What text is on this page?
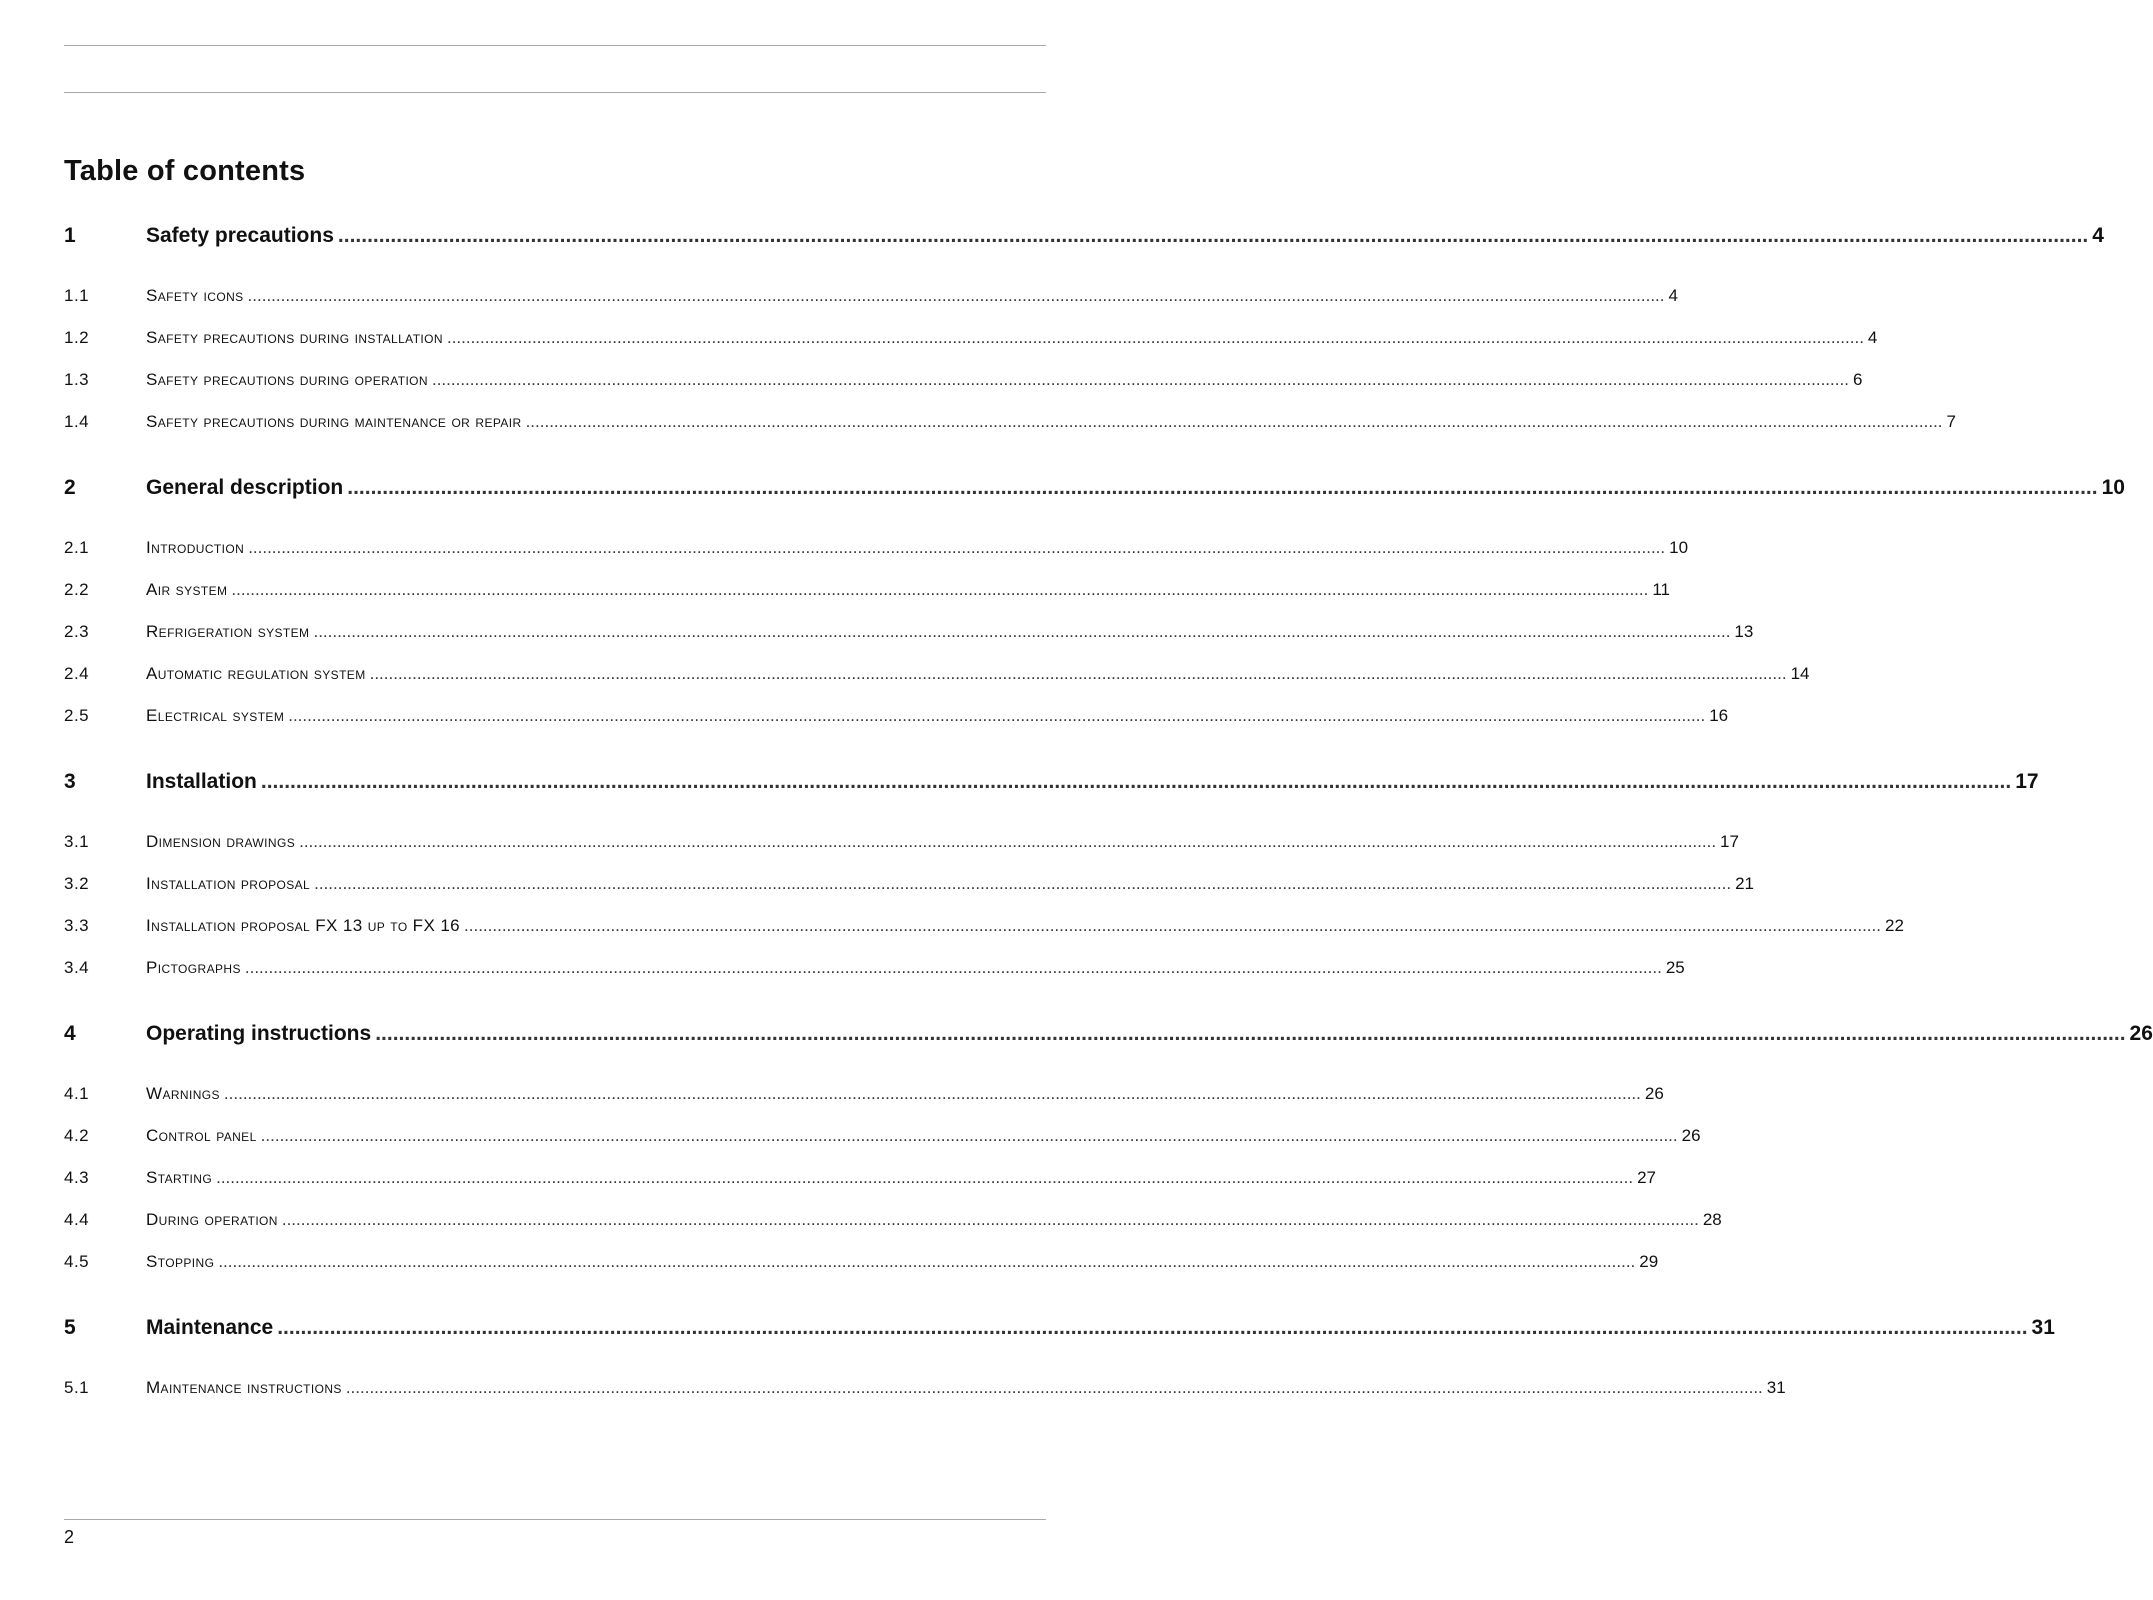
Table of contents
1	Safety precautions ............................................................................................................................................................................................................................................................................................................ 4
1.1	Safety icons ............................................................................................................................................................................................................................................................................................................ 4
1.2	Safety precautions during installation ............................................................................................................................................................................................................................................................................................................ 4
1.3	Safety precautions during operation ............................................................................................................................................................................................................................................................................................................ 6
1.4	Safety precautions during maintenance or repair ............................................................................................................................................................................................................................................................................................................ 7
2	General description ............................................................................................................................................................................................................................................................................................................ 10
2.1	Introduction ............................................................................................................................................................................................................................................................................................................ 10
2.2	Air system ............................................................................................................................................................................................................................................................................................................ 11
2.3	Refrigeration system ............................................................................................................................................................................................................................................................................................................ 13
2.4	Automatic regulation system ............................................................................................................................................................................................................................................................................................................ 14
2.5	Electrical system ............................................................................................................................................................................................................................................................................................................ 16
3	Installation ............................................................................................................................................................................................................................................................................................................ 17
3.1	Dimension drawings ............................................................................................................................................................................................................................................................................................................ 17
3.2	Installation proposal ............................................................................................................................................................................................................................................................................................................ 21
3.3	Installation proposal FX 13 up to FX 16 ............................................................................................................................................................................................................................................................................................................ 22
3.4	Pictographs ............................................................................................................................................................................................................................................................................................................ 25
4	Operating instructions ............................................................................................................................................................................................................................................................................................................ 26
4.1	Warnings ............................................................................................................................................................................................................................................................................................................ 26
4.2	Control panel ............................................................................................................................................................................................................................................................................................................ 26
4.3	Starting ............................................................................................................................................................................................................................................................................................................ 27
4.4	During operation ............................................................................................................................................................................................................................................................................................................ 28
4.5	Stopping ............................................................................................................................................................................................................................................................................................................ 29
5	Maintenance ............................................................................................................................................................................................................................................................................................................ 31
5.1	Maintenance instructions ............................................................................................................................................................................................................................................................................................................ 31
2
